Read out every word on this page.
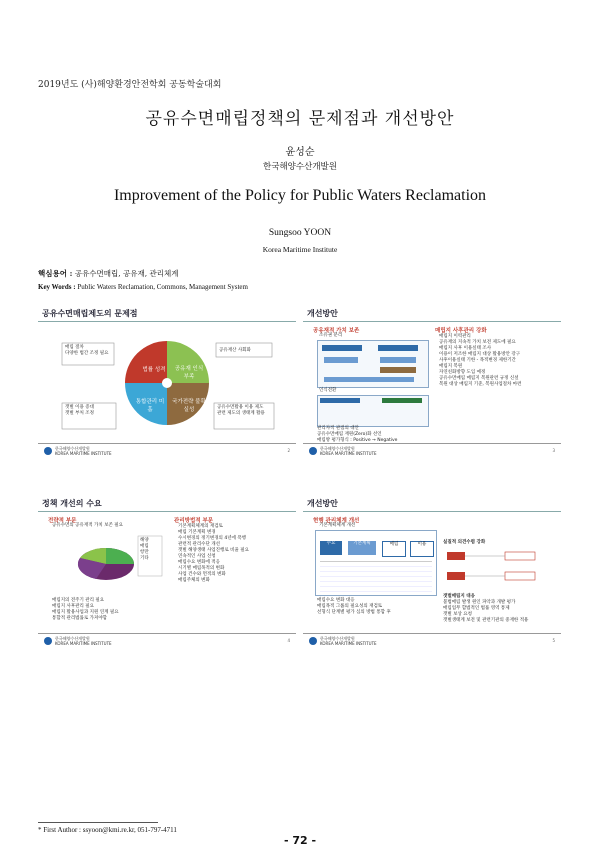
2019년도 (사)해양환경안전학회 공동학술대회
공유수면매립정책의 문제점과 개선방안
윤성순
한국해양수산개발원
Improvement of the Policy for Public Waters Reclamation
Sungsoo YOON
Korea Maritime Institute
핵심용어 : 공유수면매립, 공유재, 관리체계
Key Words : Public Waters Reclamation, Commons, Management System
공유수면매립제도의 문제점
법률 성격	공유재 인식 부족
통합관리 미흡
국가전략 불확실성
매립 절차
다양한 법간 조정 필요
공유재산 사회화
갯벌 이용 증대
갯벌 부처 조정
공유수면활용 이용 제도
관련 제도의 생태계 활용
한국해양수산개발원
KOREA MARITIME INSTITUTE
2
개선방안
공유재적 가치 보존
소유권 분리
인식전환
관리자적 관점의 대안
공유수면매립 재원(Zero)화 선언
매립방 평가형식 : Positive → Negative
매립지 사후관리 강화
매립지 이력관리
공유재의 지속적 가치 보전 제도에 필요
매립지 사후 이용실태 조사
이용이 저조한 매립지 대상 활용방안 강구
사후이용실태 기한 - 목적변경 제한기간
매립지 복원
자연친화방향 도입 예정
공유수면매립 매립지 복원관련 규정 신설
복원 대상 매립지 기준, 복원사업절차 마련
한국해양수산개발원
KOREA MARITIME INSTITUTE
3
정책 개선의 수요
전략적 부문
공유수면의 공유재적 가치 보존 필요
해양
매립
항만
기타
매립지의 전주기 관리 필요
매립지 사후관리 필요
매립지 활용사업과 지원 연계 필요
통합적 관리법률로 가져야함
관리방법적 부문
기본계획체계의 재검토
매립 기본계획 변경
수시변경의 정기변경의 4년에 폭행
관련적 관리수단 개선
갯벌 해양생태 사업진행로 비율 필요
연속적인 사업 신청
매립수요 변화에 적응
시기별 매립목적의 변화
사업 건수와 면적의 변화
매립주체의 변화
한국해양수산개발원
KOREA MARITIME INSTITUTE
4
개선방안
현행 관리체계 개선
기본계획체계 개선
수요	기본계획	매립	이용
매립수요 변화 대응
매립목적 그룹의 필요성의 재검토
선형식 단계별 평가 심의 방법 통합 후
실질적 의견수렴 강화
갯벌매립지 대응
불법매립 발생 원인 파악과 개발 평가
매립업무 합법적인 법률 영역 통제
갯벌 보상 요청
갯벌생태계 보전 및 관련기관의 중재한 적용
한국해양수산개발원
KOREA MARITIME INSTITUTE
5
* First Author : ssyoon@kmi.re.kr, 051-797-4711
- 72 -
